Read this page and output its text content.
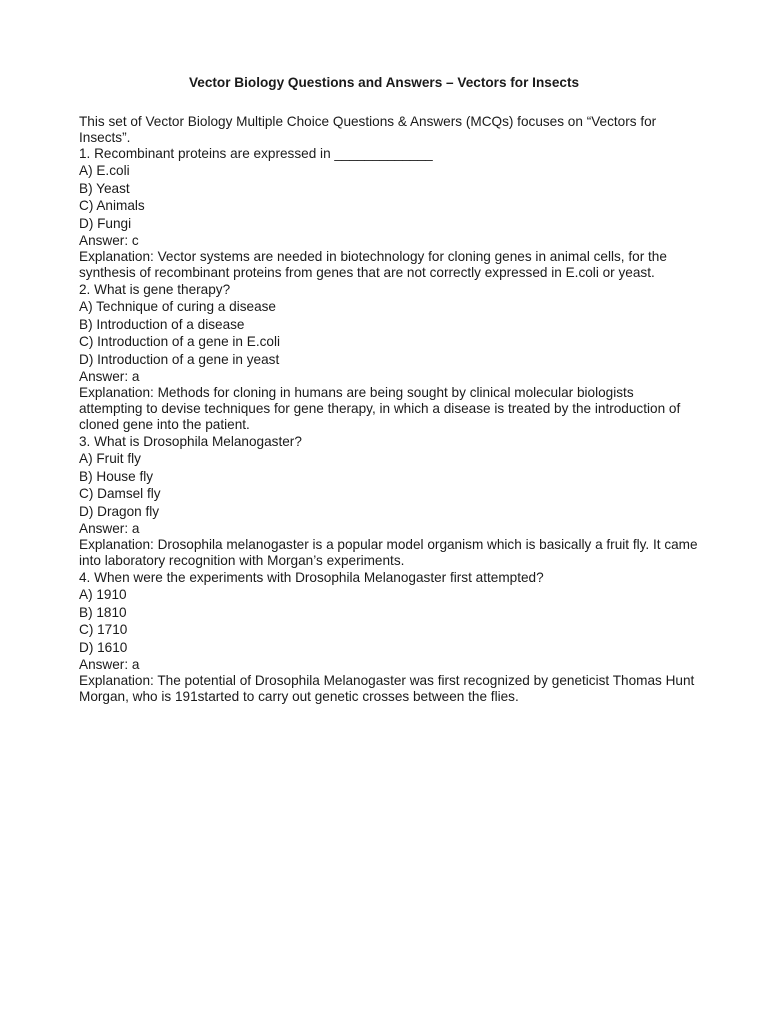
Vector Biology Questions and Answers – Vectors for Insects

This set of Vector Biology Multiple Choice Questions & Answers (MCQs) focuses on “Vectors for Insects”.

1. Recombinant proteins are expressed in _____________

A) E.coli
B) Yeast
C) Animals
D) Fungi

Answer: c

Explanation: Vector systems are needed in biotechnology for cloning genes in animal cells, for the synthesis of recombinant proteins from genes that are not correctly expressed in E.coli or yeast.

2. What is gene therapy?

A) Technique of curing a disease
B) Introduction of a disease
C) Introduction of a gene in E.coli
D) Introduction of a gene in yeast

Answer: a

Explanation: Methods for cloning in humans are being sought by clinical molecular biologists attempting to devise techniques for gene therapy, in which a disease is treated by the introduction of cloned gene into the patient.

3. What is Drosophila Melanogaster?

A) Fruit fly
B) House fly
C) Damsel fly
D) Dragon fly

Answer: a

Explanation: Drosophila melanogaster is a popular model organism which is basically a fruit fly. It came into laboratory recognition with Morgan’s experiments.

4. When were the experiments with Drosophila Melanogaster first attempted?

A) 1910
B) 1810
C) 1710
D) 1610

Answer: a

Explanation: The potential of Drosophila Melanogaster was first recognized by geneticist Thomas Hunt Morgan, who is 191started to carry out genetic crosses between the flies.
